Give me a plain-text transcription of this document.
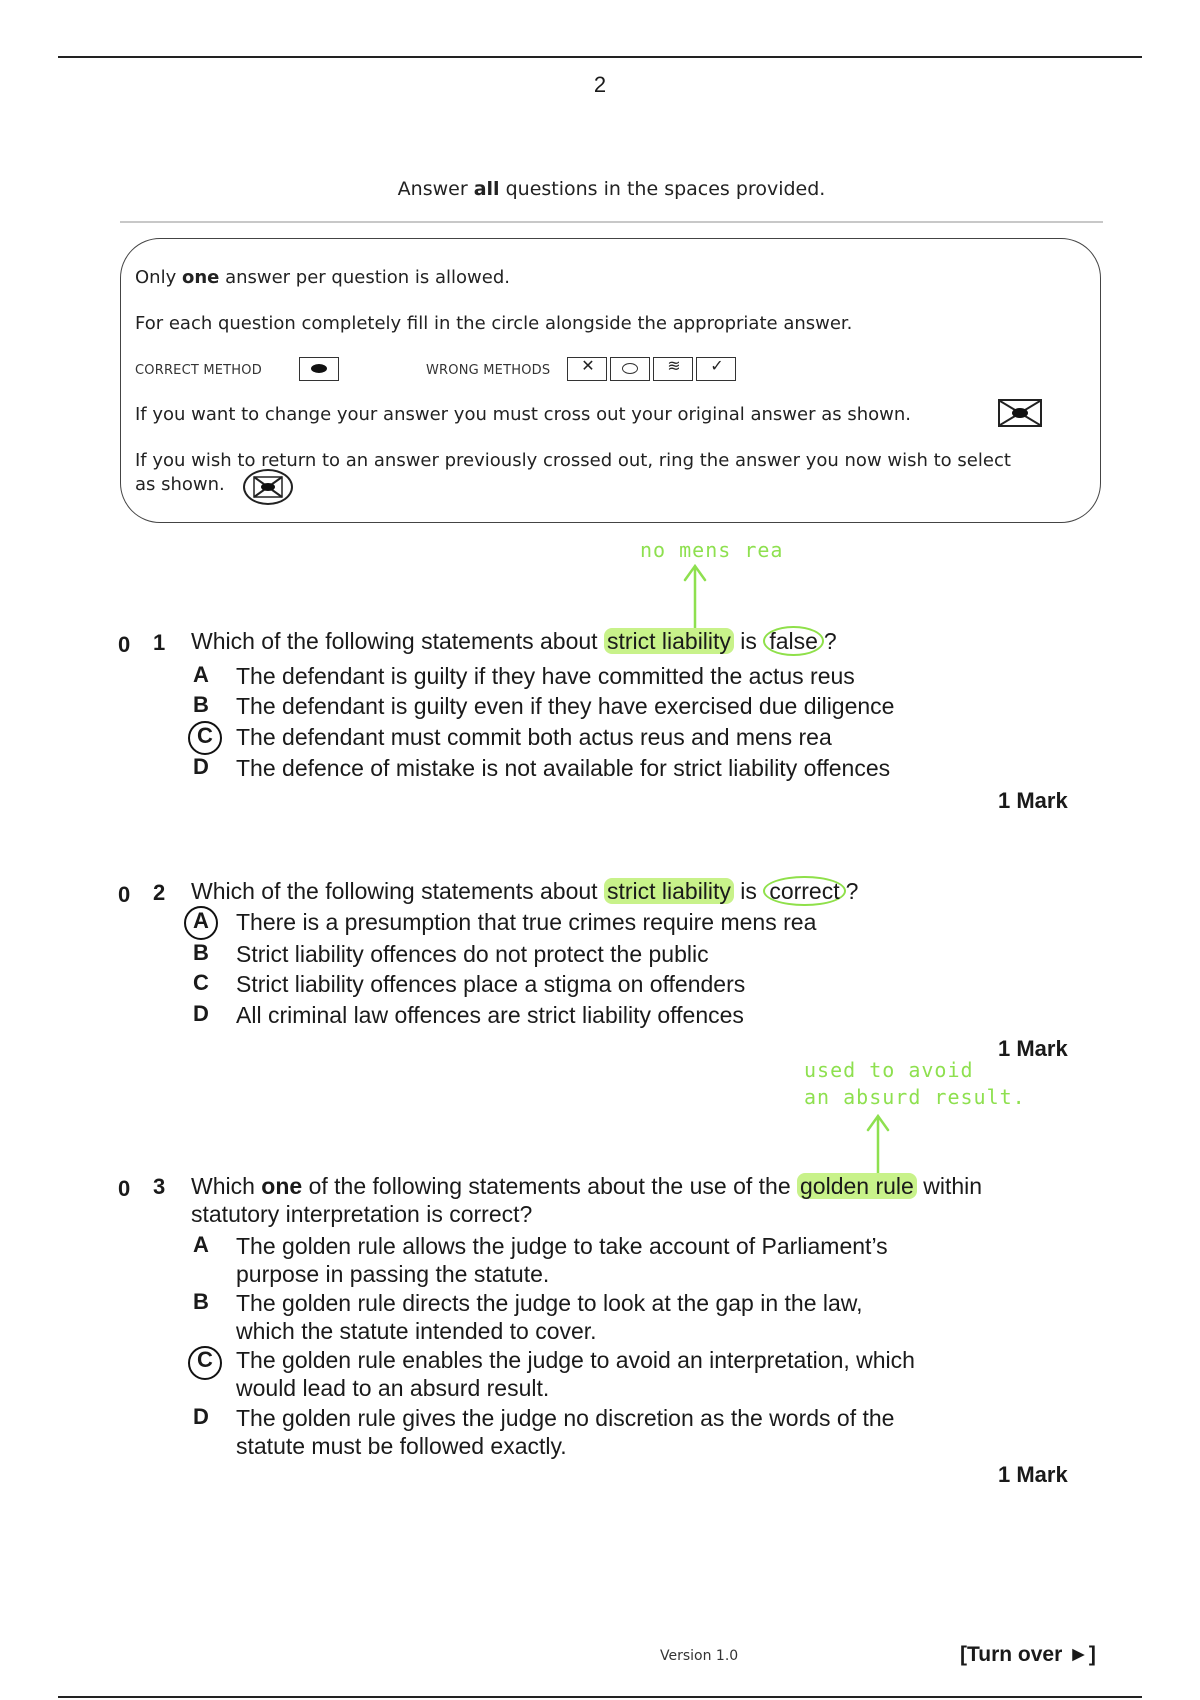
2
Answer all questions in the spaces provided.
Only one answer per question is allowed.
For each question completely fill in the circle alongside the appropriate answer.
CORRECT METHOD	WRONG METHODS	✕	≋	✓
If you want to change your answer you must cross out your original answer as shown.
If you wish to return to an answer previously crossed out, ring the answer you now wish to select
as shown.
no mens rea
0 1 Which of the following statements about strict liability is false ?
A	The defendant is guilty if they have committed the actus reus
B	The defendant is guilty even if they have exercised due diligence
C	The defendant must commit both actus reus and mens rea
D	The defence of mistake is not available for strict liability offences
1 Mark
0 2 Which of the following statements about strict liability is correct ?
A	There is a presumption that true crimes require mens rea
B	Strict liability offences do not protect the public
C	Strict liability offences place a stigma on offenders
D	All criminal law offences are strict liability offences
1 Mark
used to avoid
an absurd result.
0 3 Which one of the following statements about the use of the golden rule within
statutory interpretation is correct?
A	The golden rule allows the judge to take account of Parliament’s
purpose in passing the statute.
B	The golden rule directs the judge to look at the gap in the law,
which the statute intended to cover.
C	The golden rule enables the judge to avoid an interpretation, which
would lead to an absurd result.
D	The golden rule gives the judge no discretion as the words of the
statute must be followed exactly.
1 Mark
Version 1.0	[Turn over ►]
